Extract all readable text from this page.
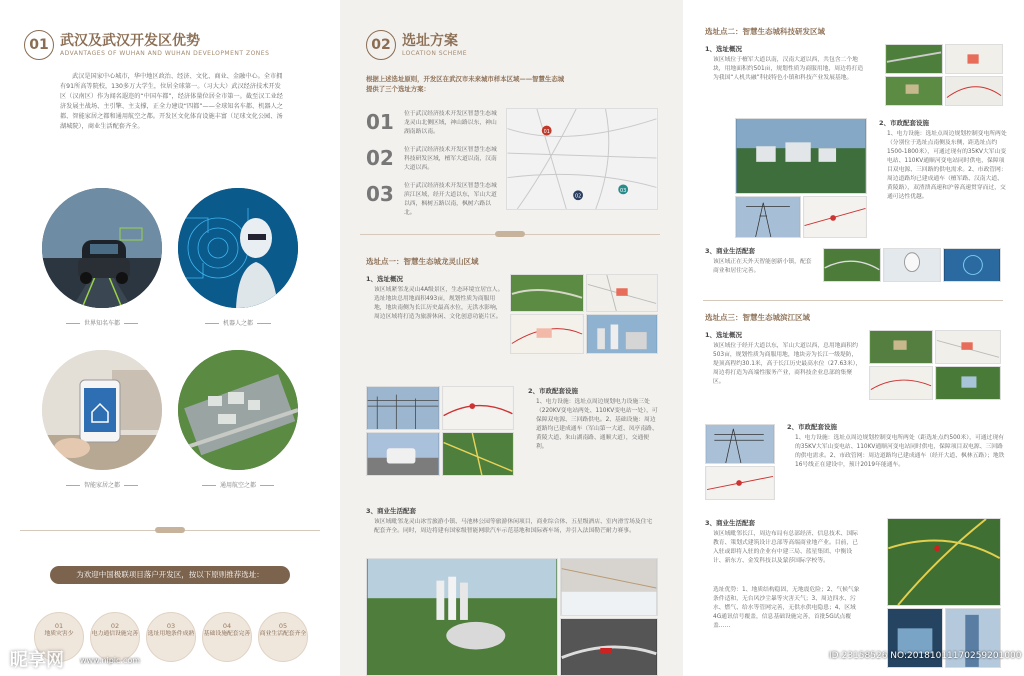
01 武汉及武汉开发区优势
ADVANTAGES OF WUHAN AND WUHAN DEVELOPMENT ZONES
武汉是国家中心城市，华中地区政治、经济、文化、商业、金融中心。全市拥有91所高等院校，130多万大学生，位居全球第一。（习大大）武汉经济技术开发区（汉南区）作为闻名遐迩的“中国车都”，经济体量位居全市第一。截至汉工业经济发展主战场、主引擎、主支撑，正全力建设“四都”——全球知名车都、机器人之都、智能家居之都和通用航空之都。开发区文化体育设施丰富（足球文化公园、汤湖城院），商业生活配套齐全。
世界知名车都	机器人之都
智能家居之都	通用航空之都
为欢迎中国极联项目落户开发区，按以下原则推荐选址：
01
地质灾害少
02
电力通信设施完善
03
选址用地条件成熟
04
基础设施配套完善
05
商业生活配套齐全
昵享网 www.nipic.com
02 选址方案
LOCATION SCHEME
根据上述选址原则，开发区在武汉市未来城市样本区域——智慧生态城提供了三个选址方案：
01 位于武汉经济技术开发区智慧生态城龙灵山北侧区域，神山路以东，神山湖南路以南。
02 位于武汉经济技术开发区智慧生态城科技研发区域，檀军大道以南，汉南大道以西。
03 位于武汉经济技术开发区智慧生态城滨江区域，经开大道以东，军山大道以西，枫树五路以南，枫树六路以北。
01
02
03
选址点一：智慧生态城龙灵山区域
1、选址概况
该区域紧邻龙灵山4A级景区，生态环境宜居宜人。选址地块总用地面积493亩，规划性质为商服用地，地块南侧为长江历史最高水位，无洪水影响，周边区域将打造为旅游休闲、文化创意功能片区。
2、市政配套设施
1、电力设施：选址点周边规划电力设施三处（220KV变电站两处、110KV变电站一处），可保障双电源、三回路供电。2、基础设施：周边道路均已建成通车（军山第一大道、凤亭南路、黄陵大道、朱山湖南路、通顺大道），交通便利。
3、商业生活配套
该区域毗邻龙灵山冰雪旅游小镇、马池林公园等旅游休闲项目，商业综合体、五星级酒店、室内滑雪场及住宅配套齐全。同时，周边将建有国家级智能网联汽车示范基地和国际赛车场，并引入法国勒芒耐力赛事。
选址点二：智慧生态城科技研发区域
1、选址概况
该区域位于檀军大道以南，汉南大道以西，共包含二个地块，用地面积约501亩，规划性质为商服用地，周边将打造为我国“人机共融”科技特色小镇和科技产业发展基地。
2、市政配套设施
1、电力设施：选址点周边规划控制变电所两处（分别位于选址点南侧及东侧，距选址点约1500-1800米），可通过现有的35KV大军山变电站、110KV通顺河变电站同时供电，保障项目双电源、三回路的供电需求。2、市政管网：周边道路均已建成通车（檀军路、汉南大道、黄陵路），双渣溃高速和沪蓉高速贯穿而过，交通可达性优越。
3、商业生活配套
该区域正在天外天智能创新小镇，配套商业和居住完善。
选址点三：智慧生态城滨江区域
1、选址概况
该区域位于经开大道以东，军山大道以西，总用地面积约503亩，规划性质为商服用地，地块旁为长江一级堤防，堤顶高程约30.1米，高于长江历史最高水位（27.63米），周边将打造为高端性服务产业，商科技企业总部的集聚区。
2、市政配套设施
1、电力设施：选址点周边规划控制变电所两处（距选址点约500米），可通过现有的35KV大军山变电站、110KV通顺河变电站同时供电，保障项目双电源、三回路的供电需求。2、市政管网：周边道路均已建成通车（经开大道、枫林五路）；地铁16号线正在建设中，预计2019年能通车。
3、商业生活配套
该区域毗邻长江，周边布局有总部经济、信息技术、国际教育、策划式建筑设计总部等高端商业地产业。目前，已入驻或即将入驻的企业有中建三局、蓝星集团、中衡设计、新东方、金发科技以及蒙莎国际学校等。
选址优势：1、地质结构稳固，无地震危险；2、气候气象条件适和，无台风沙尘暴等灾害天气；3、周边四水、污水、燃气、给水等管网完善，无供水供电隐患；4、区域4G通讯信号覆盖，信息基础设施完善，首批5G试点覆盖……
ID:23158526 NO:20181011170259201000
